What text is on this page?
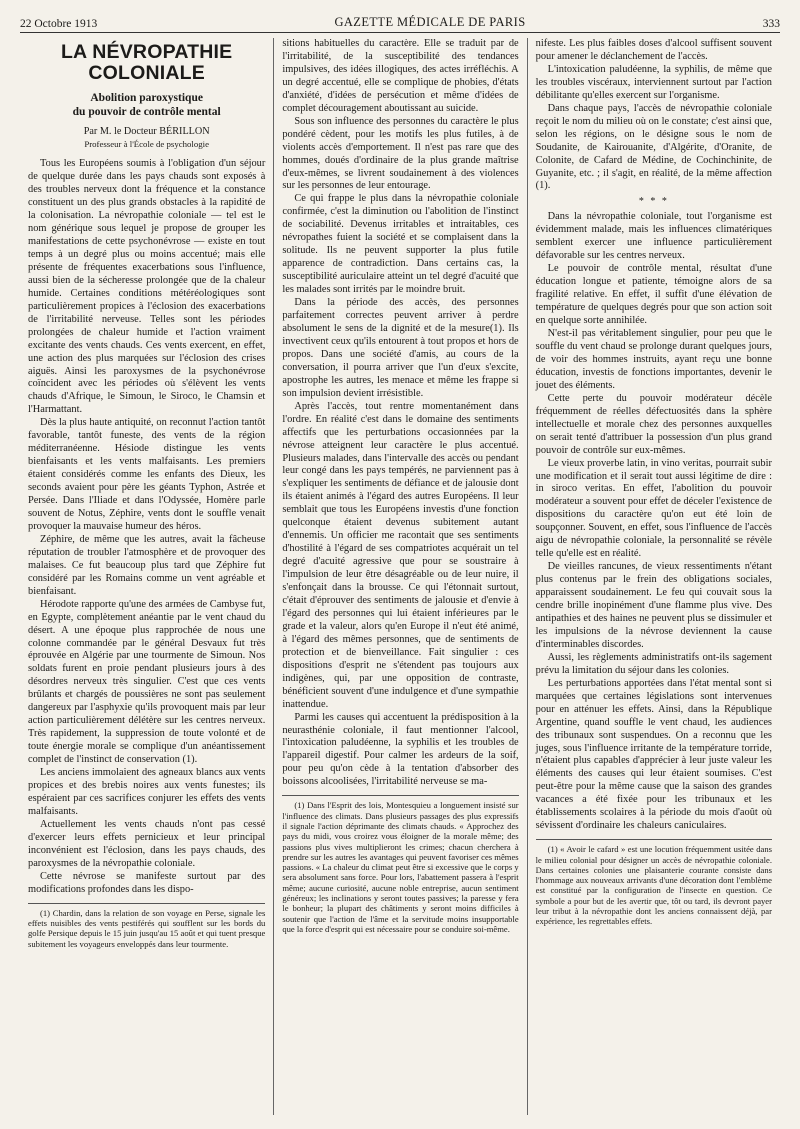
22 Octobre 1913	GAZETTE MÉDICALE DE PARIS	333
LA NÉVROPATHIE COLONIALE
Abolition paroxystique
du pouvoir de contrôle mental
Par M. le Docteur BÉRILLON
Professeur à l'École de psychologie

Tous les Européens soumis à l'obligation d'un séjour de quelque durée dans les pays chauds sont exposés à des troubles nerveux dont la fréquence et la constance constituent un des plus grands obstacles à la rapidité de la colonisation. La névropathie coloniale — tel est le nom générique sous lequel je propose de grouper les manifestations de cette psychonévrose — existe en tout temps à un degré plus ou moins accentué; mais elle présente de fréquentes exacerbations sous l'influence, aussi bien de la sécheresse prolongée que de la chaleur humide. Certaines conditions météréologiques sont particulièrement propices à l'éclosion des exacerbations de l'irritabilité nerveuse. Telles sont les périodes prolongées de chaleur humide et l'action vraiment excitante des vents chauds. Ces vents exercent, en effet, une action des plus marquées sur l'éclosion des crises aiguës. Ainsi les paroxysmes de la psychonévrose coïncident avec les périodes où s'élèvent les vents chauds d'Afrique, le Simoun, le Siroco, le Chamsin et l'Harmattant.

Dès la plus haute antiquité, on reconnut l'action tantôt favorable, tantôt funeste, des vents de la région méditerranéenne. Hésiode distingue les vents bienfaisants et les vents malfaisants. Les premiers étaient considérés comme les enfants des Dieux, les seconds avaient pour père les géants Typhon, Astrée et Persée. Dans l'Iliade et dans l'Odyssée, Homère parle souvent de Notus, Zéphire, vents dont le souffle venait provoquer la mauvaise humeur des héros.

Zéphire, de même que les autres, avait la fâcheuse réputation de troubler l'atmosphère et de provoquer des malaises. Ce fut beaucoup plus tard que Zéphire fut considéré par les Romains comme un vent agréable et bienfaisant.

Hérodote rapporte qu'une des armées de Cambyse fut, en Egypte, complètement anéantie par le vent chaud du désert. A une époque plus rapprochée de nous une colonne commandée par le général Desvaux fut très éprouvée en Algérie par une tourmente de Simoun. Nos soldats furent en proie pendant plusieurs jours à des désordres nerveux très singulier. C'est que ces vents brûlants et chargés de poussières ne sont pas seulement dangereux par l'asphyxie qu'ils provoquent mais par leur action particulièrement délétère sur les centres nerveux. Très rapidement, la suppression de toute volonté et de toute énergie morale se complique d'un anéantissement complet de l'instinct de conservation (1).

Les anciens immolaient des agneaux blancs aux vents propices et des brebis noires aux vents funestes; ils espéraient par ces sacrifices conjurer les effets des vents malfaisants.

Actuellement les vents chauds n'ont pas cessé d'exercer leurs effets pernicieux et leur principal inconvénient est l'éclosion, dans les pays chauds, des paroxysmes de la névropathie coloniale.

Cette névrose se manifeste surtout par des modifications profondes dans les dispo-

(1) Chardin, dans la relation de son voyage en Perse, signale les effets nuisibles des vents pestiférés qui soufflent sur les bords du golfe Persique depuis le 15 juin jusqu'au 15 août et qui tuent presque subitement les voyageurs enveloppés dans leur tourmente.

sitions habituelles du caractère. Elle se traduit par de l'irritabilité, de la susceptibilité des tendances impulsives, des idées illogiques, des actes irréfléchis. A un degré accentué, elle se complique de phobies, d'états d'anxiété, d'idées de persécution et même d'idées de complet découragement aboutissant au suicide.

Sous son influence des personnes du caractère le plus pondéré cèdent, pour les motifs les plus futiles, à de violents accès d'emportement. Il n'est pas rare que des hommes, doués d'ordinaire de la plus grande maîtrise d'eux-mêmes, se livrent soudainement à des violences sur les personnes de leur entourage.

Ce qui frappe le plus dans la névropathie coloniale confirmée, c'est la diminution ou l'abolition de l'instinct de sociabilité. Devenus irritables et intraitables, ces névropathes fuient la société et se complaisent dans la solitude. Ils ne peuvent supporter la plus futile apparence de contradiction. Dans certains cas, la susceptibilité auriculaire atteint un tel degré d'acuité que les malades sont irrités par le moindre bruit.

Dans la période des accès, des personnes parfaitement correctes peuvent arriver à perdre absolument le sens de la dignité et de la mesure(1). Ils invectivent ceux qu'ils entourent à tout propos et hors de propos. Dans une société d'amis, au cours de la conversation, il pourra arriver que l'un d'eux s'excite, apostrophe les autres, les menace et même les frappe si son impulsion devient irrésistible.

Après l'accès, tout rentre momentanément dans l'ordre. En réalité c'est dans le domaine des sentiments affectifs que les perturbations occasionnées par la névrose atteignent leur caractère le plus accentué. Plusieurs malades, dans l'intervalle des accès ou pendant leur congé dans les pays tempérés, ne parviennent pas à s'expliquer les sentiments de défiance et de jalousie dont ils étaient animés à l'égard des autres Européens. Il leur semblait que tous les Européens investis d'une fonction quelconque étaient devenus subitement autant d'ennemis. Un officier me racontait que ses sentiments d'hostilité à l'égard de ses compatriotes acquérait un tel degré d'acuité agressive que pour se soustraire à l'impulsion de leur être désagréable ou de leur nuire, il s'enfonçait dans la brousse. Ce qui l'étonnait surtout, c'était d'éprouver des sentiments de jalousie et d'envie à l'égard des personnes qui lui étaient inférieures par le grade et la valeur, alors qu'en Europe il n'eut été animé, à l'égard des mêmes personnes, que de sentiments de protection et de bienveillance. Fait singulier : ces dispositions d'esprit ne s'étendent pas toujours aux indigènes, qui, par une opposition de contraste, bénéficient souvent d'une indulgence et d'une sympathie inattendue.

Parmi les causes qui accentuent la prédisposition à la neurasthénie coloniale, il faut mentionner l'alcool, l'intoxication paludéenne, la syphilis et les troubles de l'appareil digestif. Pour calmer les ardeurs de la soif, pour peu qu'on cède à la tentation d'absorber des boissons alcoolisées, l'irritabilité nerveuse se ma-

(1) Dans l'Esprit des lois, Montesquieu a longuement insisté sur l'influence des climats. Dans plusieurs passages des plus expressifs il signale l'action déprimante des climats chauds. « Approchez des pays du midi, vous croirez vous éloigner de la morale même; des passions plus vives multiplieront les crimes; chacun cherchera à prendre sur les autres les avantages qui peuvent favoriser ces mêmes passions. « La chaleur du climat peut être si excessive que le corps y sera absolument sans force. Pour lors, l'abattement passera à l'esprit même; aucune curiosité, aucune noble entreprise, aucun sentiment généreux; les inclinations y seront toutes passives; la paresse y fera le bonheur; la plupart des châtiments y seront moins difficiles à soutenir que l'action de l'âme et la servitude moins insupportable que la force d'esprit qui est nécessaire pour se conduire soi-même.

nifeste. Les plus faibles doses d'alcool suffisent souvent pour amener le déclanchement de l'accès.

L'intoxication paludéenne, la syphilis, de même que les troubles viscéraux, interviennent surtout par l'action débilitante qu'elles exercent sur l'organisme.

Dans chaque pays, l'accès de névropathie coloniale reçoit le nom du milieu où on le constate; c'est ainsi que, selon les régions, on le désigne sous le nom de Soudanite, de Kairouanite, d'Algérite, d'Oranite, de Colonite, de Cafard de Médine, de Cochinchinite, de Guyanite, etc. ; il s'agit, en réalité, de la même affection (1).

* * *

Dans la névropathie coloniale, tout l'organisme est évidemment malade, mais les influences climatériques semblent exercer une influence particulièrement défavorable sur les centres nerveux.

Le pouvoir de contrôle mental, résultat d'une éducation longue et patiente, témoigne alors de sa fragilité relative. En effet, il suffit d'une élévation de température de quelques degrés pour que son action soit en quelque sorte annihilée.

N'est-il pas véritablement singulier, pour peu que le souffle du vent chaud se prolonge durant quelques jours, de voir des hommes instruits, ayant reçu une bonne éducation, investis de fonctions importantes, devenir le jouet des éléments.

Cette perte du pouvoir modérateur décèle fréquemment de réelles défectuosités dans la sphère intellectuelle et morale chez des personnes auxquelles on serait tenté d'attribuer la possession d'un plus grand pouvoir de contrôle sur eux-mêmes.

Le vieux proverbe latin, in vino veritas, pourrait subir une modification et il serait tout aussi légitime de dire : in siroco veritas. En effet, l'abolition du pouvoir modérateur a souvent pour effet de déceler l'existence de dispositions du caractère qu'on eut été loin de soupçonner. Souvent, en effet, sous l'influence de l'accès aigu de névropathie coloniale, la personnalité se révèle telle qu'elle est en réalité.

De vieilles rancunes, de vieux ressentiments n'étant plus contenus par le frein des obligations sociales, apparaissent soudainement. Le feu qui couvait sous la cendre brille inopinément d'une flamme plus vive. Des antipathies et des haines ne peuvent plus se dissimuler et les impulsions de la névrose deviennent la cause d'interminables discordes.

Aussi, les règlements administratifs ont-ils sagement prévu la limitation du séjour dans les colonies.

Les perturbations apportées dans l'état mental sont si marquées que certaines législations sont intervenues pour en atténuer les effets. Ainsi, dans la République Argentine, quand souffle le vent chaud, les audiences des tribunaux sont suspendues. On a reconnu que les juges, sous l'influence irritante de la température torride, n'étaient plus capables d'apprécier à leur juste valeur les éléments des causes qui leur étaient soumises. C'est peut-être pour la même cause que la saison des grandes vacances a été fixée pour les tribunaux et les établissements scolaires à la période du mois d'août où sévissent d'ordinaire les chaleurs caniculaires.

(1) « Avoir le cafard » est une locution fréquemment usitée dans le milieu colonial pour désigner un accès de névropathie coloniale. Dans certaines colonies une plaisanterie courante consiste dans l'hommage aux nouveaux arrivants d'une décoration dont l'emblème est constitué par la configuration de l'insecte en question. Ce symbole a pour but de les avertir que, tôt ou tard, ils devront payer leur tribut à la névropathie dont les anciens connaissent déjà, par expérience, les regrettables effets.
